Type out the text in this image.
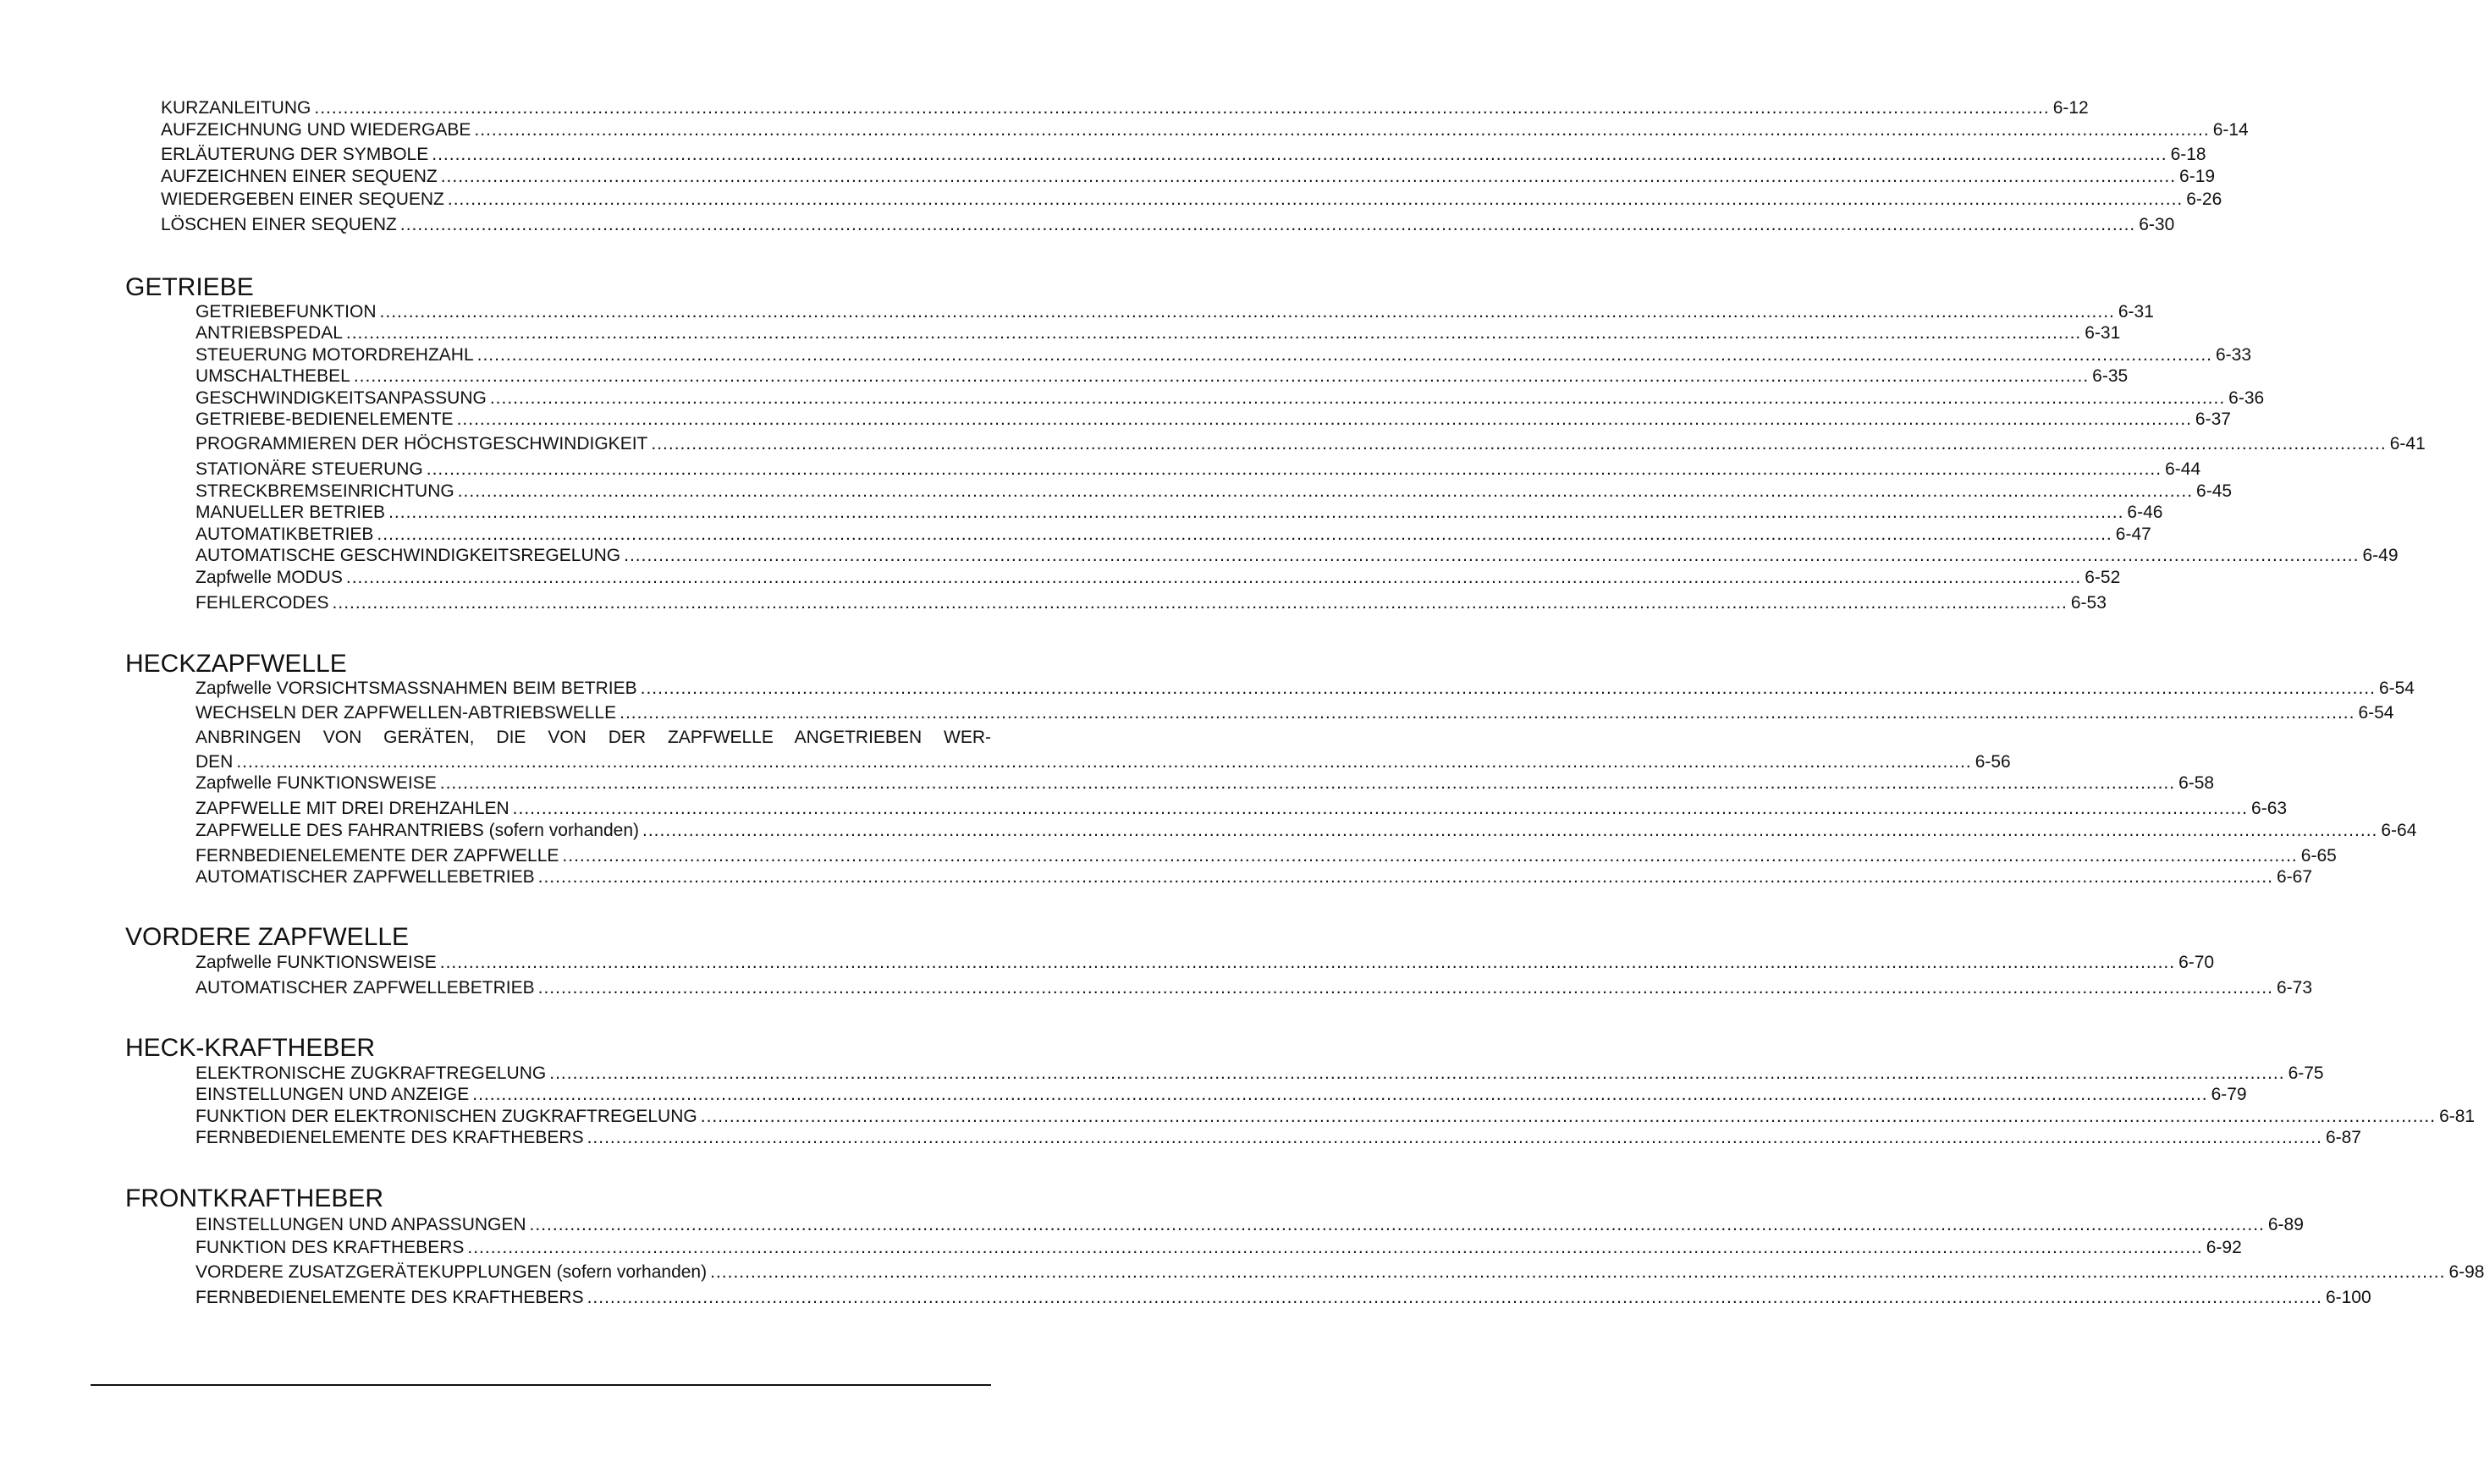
KURZANLEITUNG ............................................................................................................................................................................................................................................................................................................ 6-12
AUFZEICHNUNG UND WIEDERGABE ............................................................................................................................................................................................................................................................................................................ 6-14
ERLÄUTERUNG DER SYMBOLE ............................................................................................................................................................................................................................................................................................................ 6-18
AUFZEICHNEN EINER SEQUENZ ............................................................................................................................................................................................................................................................................................................ 6-19
WIEDERGEBEN EINER SEQUENZ ............................................................................................................................................................................................................................................................................................................ 6-26
LÖSCHEN EINER SEQUENZ ............................................................................................................................................................................................................................................................................................................ 6-30
GETRIEBE
GETRIEBEFUNKTION ............................................................................................................................................................................................................................................................................................................ 6-31
ANTRIEBSPEDAL ............................................................................................................................................................................................................................................................................................................ 6-31
STEUERUNG MOTORDREHZAHL ............................................................................................................................................................................................................................................................................................................ 6-33
UMSCHALTHEBEL ............................................................................................................................................................................................................................................................................................................ 6-35
GESCHWINDIGKEITSANPASSUNG ............................................................................................................................................................................................................................................................................................................ 6-36
GETRIEBE-BEDIENELEMENTE ............................................................................................................................................................................................................................................................................................................ 6-37
PROGRAMMIEREN DER HÖCHSTGESCHWINDIGKEIT ............................................................................................................................................................................................................................................................................................................ 6-41
STATIONÄRE STEUERUNG ............................................................................................................................................................................................................................................................................................................ 6-44
STRECKBREMSEINRICHTUNG ............................................................................................................................................................................................................................................................................................................ 6-45
MANUELLER BETRIEB ............................................................................................................................................................................................................................................................................................................ 6-46
AUTOMATIKBETRIEB ............................................................................................................................................................................................................................................................................................................ 6-47
AUTOMATISCHE GESCHWINDIGKEITSREGELUNG ............................................................................................................................................................................................................................................................................................................ 6-49
Zapfwelle MODUS ............................................................................................................................................................................................................................................................................................................ 6-52
FEHLERCODES ............................................................................................................................................................................................................................................................................................................ 6-53
HECKZAPFWELLE
Zapfwelle VORSICHTSMASSNAHMEN BEIM BETRIEB ............................................................................................................................................................................................................................................................................................................ 6-54
WECHSELN DER ZAPFWELLEN-ABTRIEBSWELLE ............................................................................................................................................................................................................................................................................................................ 6-54
ANBRINGEN VON GERÄTEN, DIE VON DER ZAPFWELLE ANGETRIEBEN WER-
DEN ............................................................................................................................................................................................................................................................................................................ 6-56
Zapfwelle FUNKTIONSWEISE ............................................................................................................................................................................................................................................................................................................ 6-58
ZAPFWELLE MIT DREI DREHZAHLEN ............................................................................................................................................................................................................................................................................................................ 6-63
ZAPFWELLE DES FAHRANTRIEBS (sofern vorhanden) ............................................................................................................................................................................................................................................................................................................ 6-64
FERNBEDIENELEMENTE DER ZAPFWELLE ............................................................................................................................................................................................................................................................................................................ 6-65
AUTOMATISCHER ZAPFWELLEBETRIEB ............................................................................................................................................................................................................................................................................................................ 6-67
VORDERE ZAPFWELLE
Zapfwelle FUNKTIONSWEISE ............................................................................................................................................................................................................................................................................................................ 6-70
AUTOMATISCHER ZAPFWELLEBETRIEB ............................................................................................................................................................................................................................................................................................................ 6-73
HECK-KRAFTHEBER
ELEKTRONISCHE ZUGKRAFTREGELUNG ............................................................................................................................................................................................................................................................................................................ 6-75
EINSTELLUNGEN UND ANZEIGE ............................................................................................................................................................................................................................................................................................................ 6-79
FUNKTION DER ELEKTRONISCHEN ZUGKRAFTREGELUNG ............................................................................................................................................................................................................................................................................................................ 6-81
FERNBEDIENELEMENTE DES KRAFTHEBERS ............................................................................................................................................................................................................................................................................................................ 6-87
FRONTKRAFTHEBER
EINSTELLUNGEN UND ANPASSUNGEN ............................................................................................................................................................................................................................................................................................................ 6-89
FUNKTION DES KRAFTHEBERS ............................................................................................................................................................................................................................................................................................................ 6-92
VORDERE ZUSATZGERÄTEKUPPLUNGEN (sofern vorhanden) ............................................................................................................................................................................................................................................................................................................ 6-98
FERNBEDIENELEMENTE DES KRAFTHEBERS ............................................................................................................................................................................................................................................................................................................ 6-100
